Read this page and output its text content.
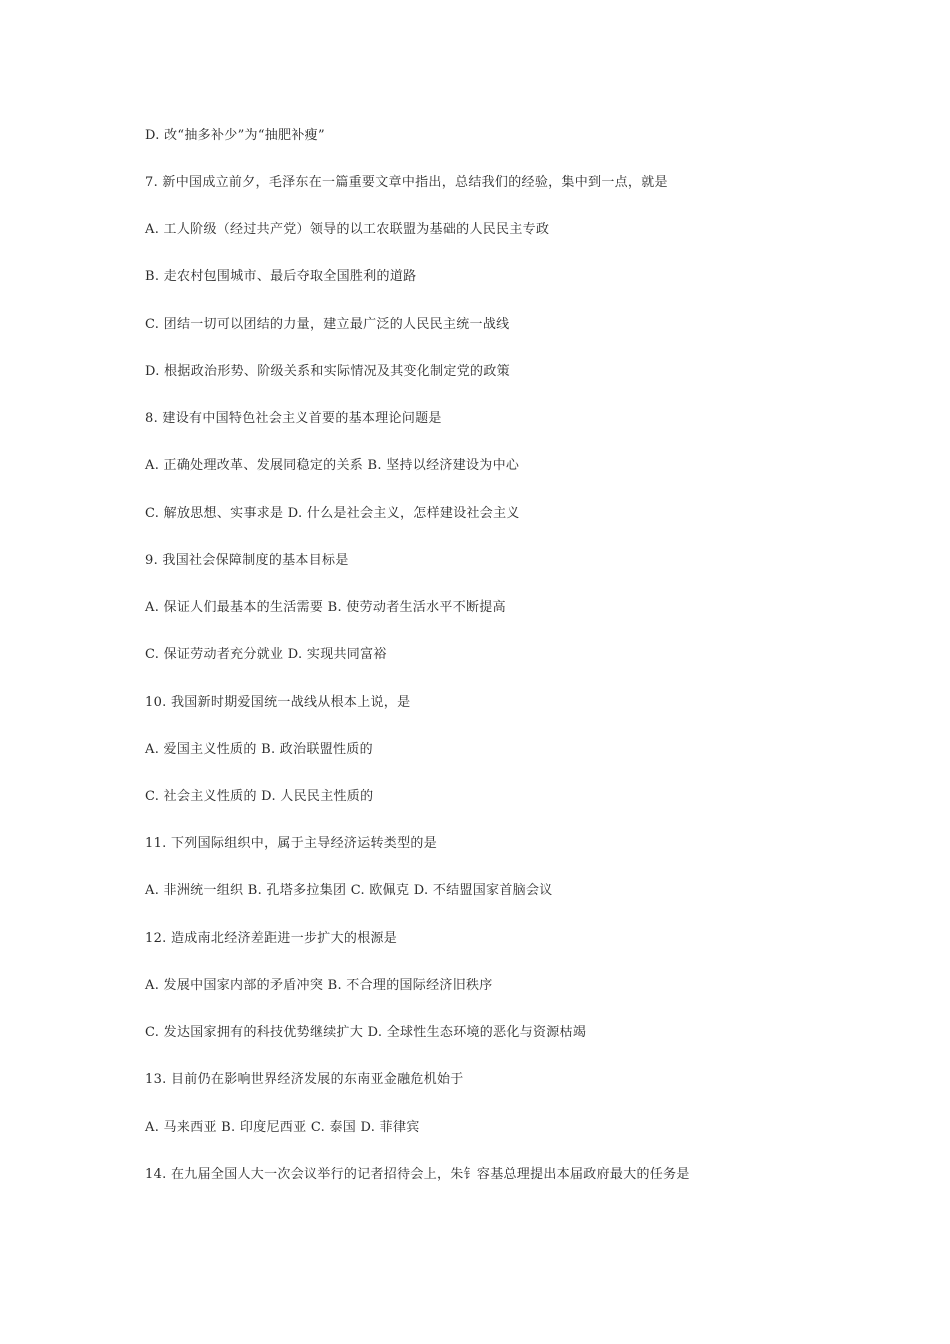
D. 改“抽多补少”为“抽肥补瘦”
7. 新中国成立前夕，毛泽东在一篇重要文章中指出，总结我们的经验，集中到一点，就是
A. 工人阶级（经过共产党）领导的以工农联盟为基础的人民民主专政
B. 走农村包围城市、最后夺取全国胜利的道路
C. 团结一切可以团结的力量，建立最广泛的人民民主统一战线
D. 根据政治形势、阶级关系和实际情况及其变化制定党的政策
8. 建设有中国特色社会主义首要的基本理论问题是
A. 正确处理改革、发展同稳定的关系 B. 坚持以经济建设为中心
C. 解放思想、实事求是 D. 什么是社会主义，怎样建设社会主义
9. 我国社会保障制度的基本目标是
A. 保证人们最基本的生活需要 B. 使劳动者生活水平不断提高
C. 保证劳动者充分就业 D. 实现共同富裕
10. 我国新时期爱国统一战线从根本上说，是
A. 爱国主义性质的 B. 政治联盟性质的
C. 社会主义性质的 D. 人民民主性质的
11. 下列国际组织中，属于主导经济运转类型的是
A. 非洲统一组织 B. 孔塔多拉集团 C. 欧佩克 D. 不结盟国家首脑会议
12. 造成南北经济差距进一步扩大的根源是
A. 发展中国家内部的矛盾冲突 B. 不合理的国际经济旧秩序
C. 发达国家拥有的科技优势继续扩大 D. 全球性生态环境的恶化与资源枯竭
13. 目前仍在影响世界经济发展的东南亚金融危机始于
A. 马来西亚 B. 印度尼西亚 C. 泰国 D. 菲律宾
14. 在九届全国人大一次会议举行的记者招待会上，朱钅容基总理提出本届政府最大的任务是
